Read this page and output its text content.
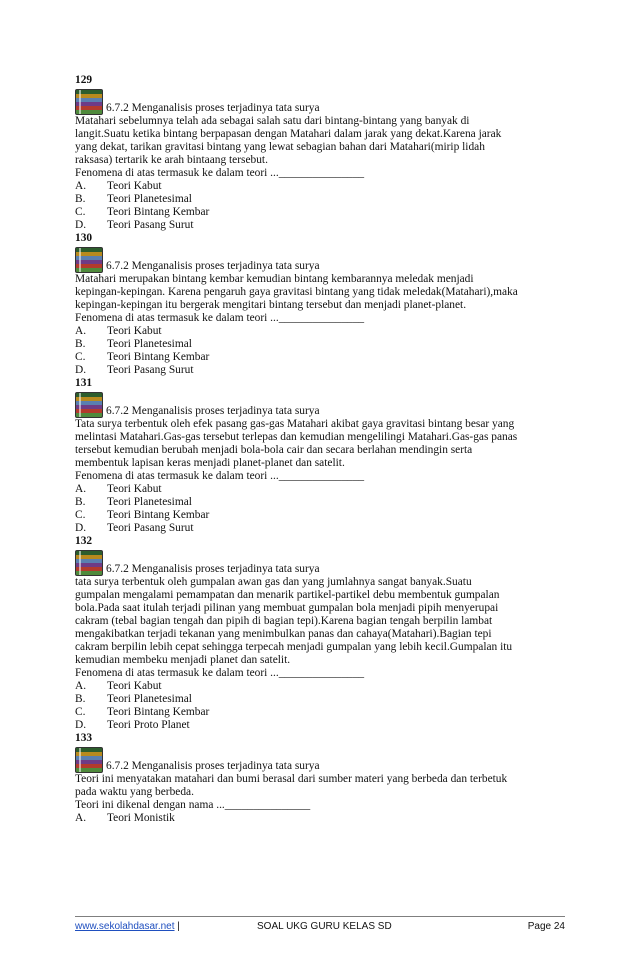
129
6.7.2 Menganalisis proses terjadinya tata surya
Matahari sebelumnya telah ada sebagai salah satu dari bintang-bintang yang banyak di
langit.Suatu ketika bintang berpapasan dengan Matahari dalam jarak yang dekat.Karena jarak
yang dekat, tarikan gravitasi bintang yang lewat sebagian bahan dari Matahari(mirip lidah
raksasa) tertarik ke arah bintaang tersebut.
Fenomena di atas termasuk ke dalam teori ..._______________
A.	Teori Kabut
B.	Teori Planetesimal
C.	Teori Bintang Kembar
D.	Teori Pasang Surut
130
6.7.2 Menganalisis proses terjadinya tata surya
Matahari merupakan bintang kembar kemudian bintang kembarannya meledak menjadi
kepingan-kepingan. Karena pengaruh gaya gravitasi bintang yang tidak meledak(Matahari),maka
kepingan-kepingan itu bergerak mengitari bintang tersebut dan menjadi planet-planet.
Fenomena di atas termasuk ke dalam teori ..._______________
A.	Teori Kabut
B.	Teori Planetesimal
C.	Teori Bintang Kembar
D.	Teori Pasang Surut
131
6.7.2 Menganalisis proses terjadinya tata surya
Tata surya terbentuk oleh efek pasang gas-gas Matahari akibat gaya gravitasi bintang besar yang
melintasi Matahari.Gas-gas tersebut terlepas dan kemudian mengelilingi Matahari.Gas-gas panas
tersebut kemudian berubah menjadi bola-bola cair dan secara berlahan mendingin serta
membentuk lapisan keras menjadi planet-planet dan satelit.
Fenomena di atas termasuk ke dalam teori ..._______________
A.	Teori Kabut
B.	Teori Planetesimal
C.	Teori Bintang Kembar
D.	Teori Pasang Surut
132
6.7.2 Menganalisis proses terjadinya tata surya
tata surya terbentuk oleh gumpalan awan gas dan yang jumlahnya sangat banyak.Suatu
gumpalan mengalami pemampatan dan menarik partikel-partikel debu membentuk gumpalan
bola.Pada saat itulah terjadi pilinan yang membuat gumpalan bola menjadi pipih menyerupai
cakram (tebal bagian tengah dan pipih di bagian tepi).Karena bagian tengah berpilin lambat
mengakibatkan terjadi tekanan yang menimbulkan panas dan cahaya(Matahari).Bagian tepi
cakram berpilin lebih cepat sehingga terpecah menjadi gumpalan yang lebih kecil.Gumpalan itu
kemudian membeku menjadi planet dan satelit.
Fenomena di atas termasuk ke dalam teori ..._______________
A.	Teori Kabut
B.	Teori Planetesimal
C.	Teori Bintang Kembar
D.	Teori Proto Planet
133
6.7.2 Menganalisis proses terjadinya tata surya
Teori ini menyatakan matahari dan bumi berasal dari sumber materi yang berbeda dan terbetuk
pada waktu yang berbeda.
Teori ini dikenal dengan nama ..._______________
A.	Teori Monistik
www.sekolahdasar.net |	SOAL UKG GURU KELAS SD	Page 24
